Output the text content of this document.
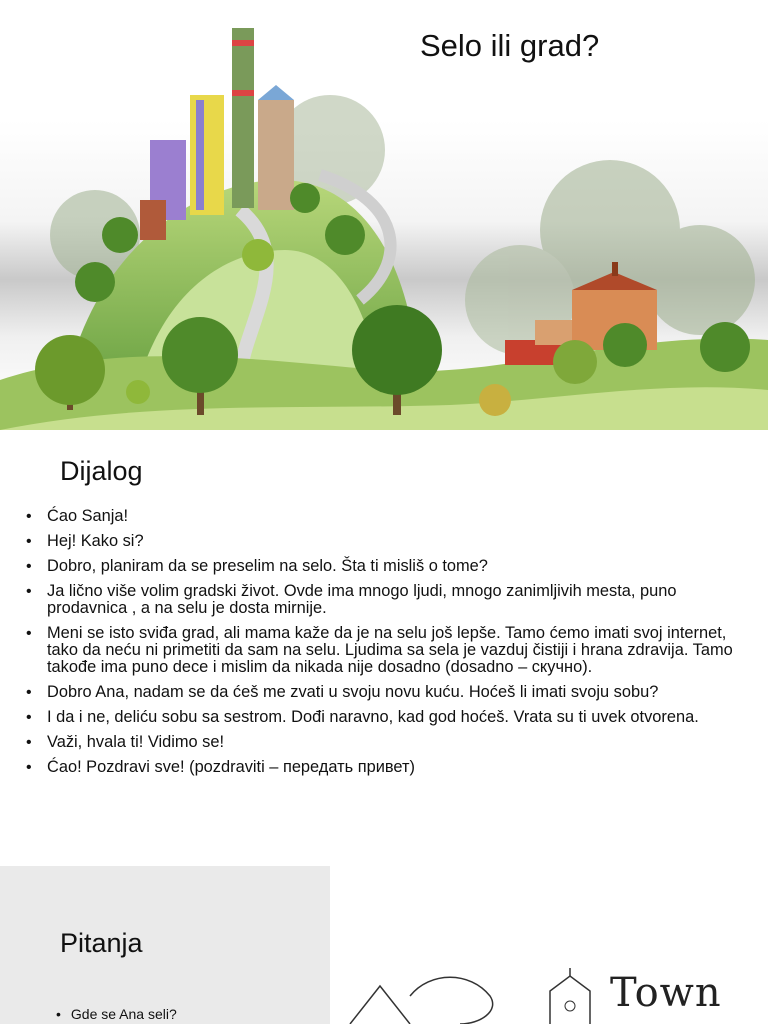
Selo ili grad?
Dijalog
• Ćao Sanja!
• Hej! Kako si?
• Dobro, planiram da se preselim na selo. Šta ti misliš o tome?
• Ja lično više volim gradski život. Ovde ima mnogo ljudi, mnogo zanimljivih mesta, puno prodavnica , a na selu je dosta mirnije.
• Meni se isto sviđa grad, ali mama kaže da je na selu još lepše. Tamo ćemo imati svoj internet, tako da neću ni primetiti da sam na selu. Ljudima sa sela je vazduj čistiji i hrana zdravija. Tamo takođe ima puno dece i mislim da nikada nije dosadno (dosadno – скучно).
• Dobro Ana, nadam se da ćeš me zvati u svoju novu kuću. Hoćeš li imati svoju sobu?
• I da i ne, deliću sobu sa sestrom. Dođi naravno, kad god hoćeš. Vrata su ti uvek otvorena.
• Važi, hvala ti! Vidimo se!
• Ćao! Pozdravi sve! (pozdraviti – передать привет)
Pitanja
• Gde se Ana seli?	Town
